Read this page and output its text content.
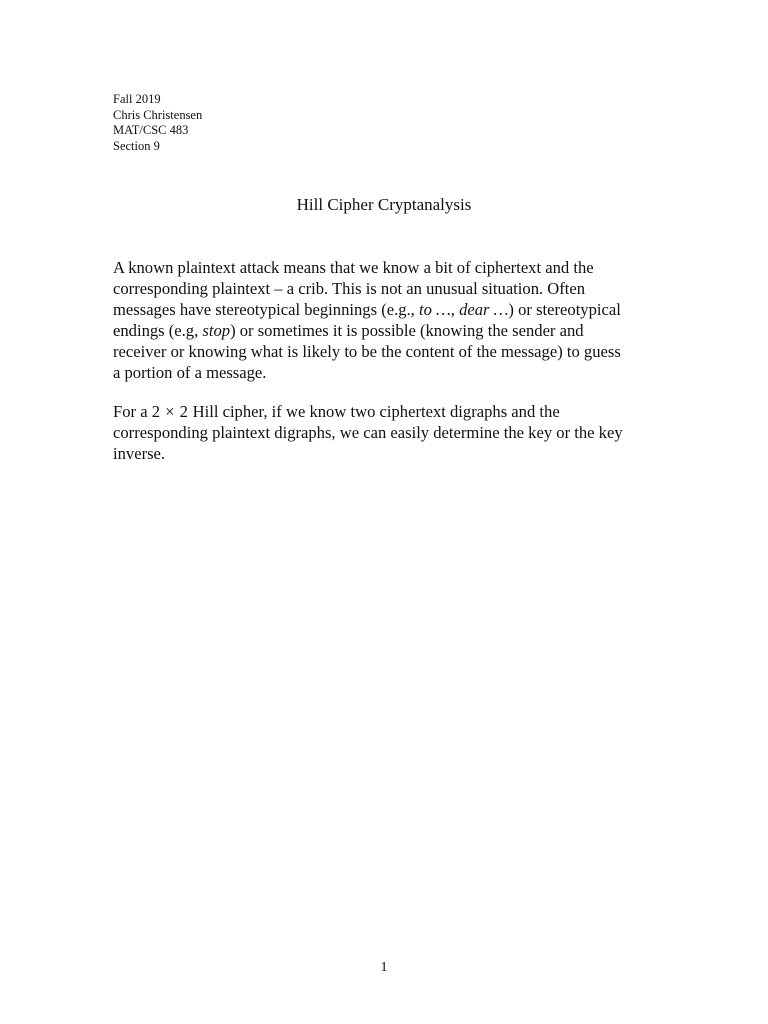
Fall 2019
Chris Christensen
MAT/CSC 483
Section 9
Hill Cipher Cryptanalysis
A known plaintext attack means that we know a bit of ciphertext and the
corresponding plaintext – a crib. This is not an unusual situation. Often
messages have stereotypical beginnings (e.g., to …, dear …) or stereotypical
endings (e.g, stop) or sometimes it is possible (knowing the sender and
receiver or knowing what is likely to be the content of the message) to guess
a portion of a message.
For a 2 × 2 Hill cipher, if we know two ciphertext digraphs and the
corresponding plaintext digraphs, we can easily determine the key or the key
inverse.
1
